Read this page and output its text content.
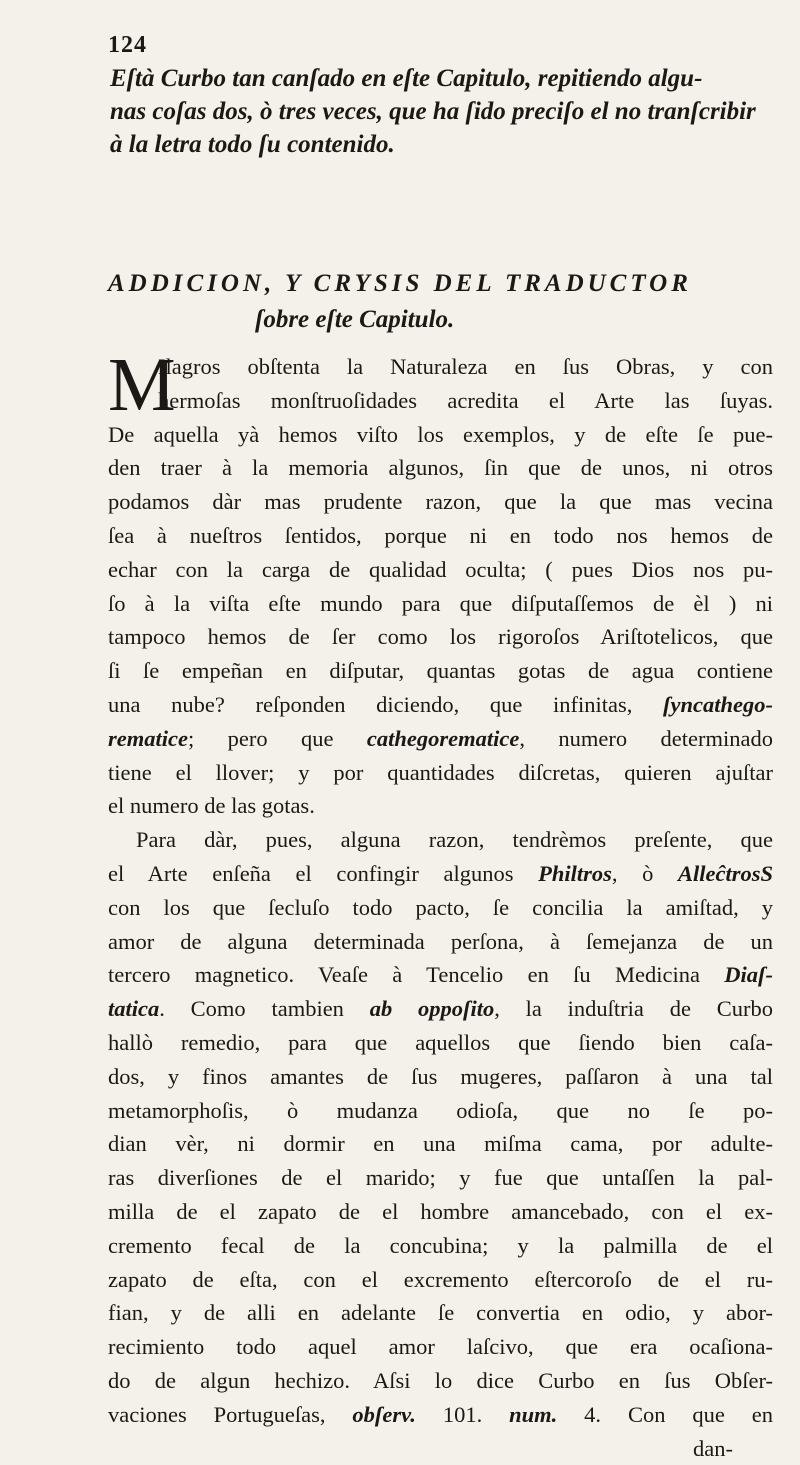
124
Eſtà Curbo tan canſado en eſte Capitulo, repitiendo algu-
nas coſas dos, ò tres veces, que ha ſido preciſo el no tranſcribir
à la letra todo ſu contenido.
ADDICION, Y CRYSIS DEL TRADUCTOR
ſobre eſte Capitulo.
M
Ilagros obſtenta la Naturaleza en ſus Obras, y con
hermoſas monſtruoſidades acredita el Arte las ſuyas.
De aquella yà hemos viſto los exemplos, y de eſte ſe pue-
den traer à la memoria algunos, ſin que de unos, ni otros
podamos dàr mas prudente razon, que la que mas vecina
ſea à nueſtros ſentidos, porque ni en todo nos hemos de
echar con la carga de qualidad oculta; ( pues Dios nos pu-
ſo à la viſta eſte mundo para que diſputaſſemos de èl ) ni
tampoco hemos de ſer como los rigoroſos Ariſtotelicos, que
ſi ſe empeñan en diſputar, quantas gotas de agua contiene
una nube? reſponden diciendo, que infinitas, ſyncathego-
rematice; pero que cathegorematice, numero determinado
tiene el llover; y por quantidades diſcretas, quieren ajuſtar
el numero de las gotas.
Para dàr, pues, alguna razon, tendrèmos preſente, que
el Arte enſeña el confingir algunos Philtros, ò AlleĉtrosS
con los que ſecluſo todo pacto, ſe concilia la amiſtad, y
amor de alguna determinada perſona, à ſemejanza de un
tercero magnetico. Veaſe à Tencelio en ſu Medicina Diaſ-
tatica. Como tambien ab oppoſito, la induſtria de Curbo
hallò remedio, para que aquellos que ſiendo bien caſa-
dos, y finos amantes de ſus mugeres, paſſaron à una tal
metamorphoſis, ò mudanza odioſa, que no ſe po-
dian vèr, ni dormir en una miſma cama, por adulte-
ras diverſiones de el marido; y fue que untaſſen la pal-
milla de el zapato de el hombre amancebado, con el ex-
cremento fecal de la concubina; y la palmilla de el
zapato de eſta, con el excremento eſtercoroſo de el ru-
fian, y de alli en adelante ſe convertia en odio, y abor-
recimiento todo aquel amor laſcivo, que era ocaſiona-
do de algun hechizo. Aſsi lo dice Curbo en ſus Obſer-
vaciones Portugueſas, obſerv. 101. num. 4. Con que en
dan-
